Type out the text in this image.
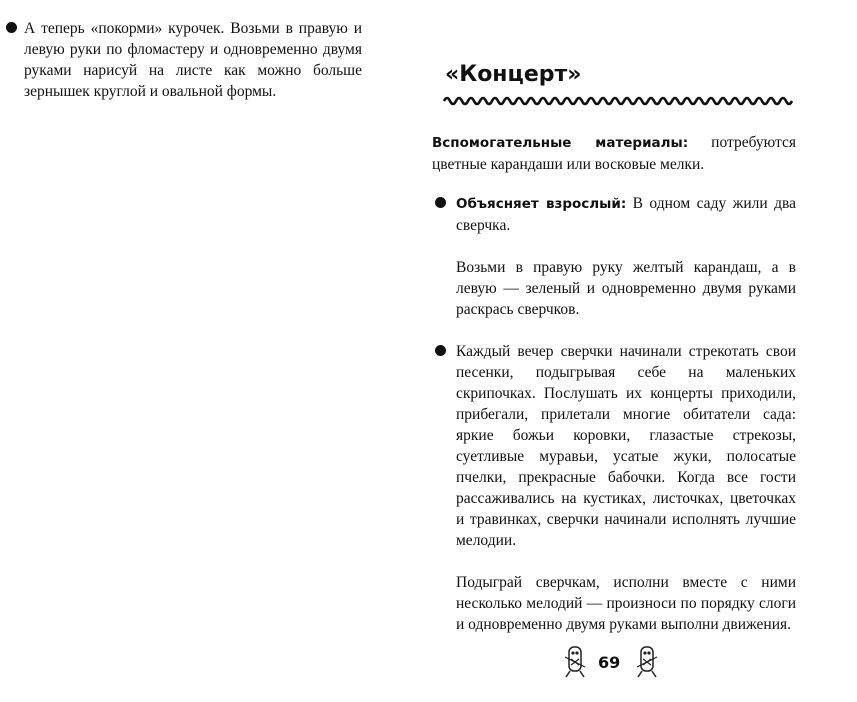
А теперь «покорми» курочек. Возьми в правую и левую руки по фломастеру и одновременно двумя руками нарисуй на листе как можно больше зернышек круглой и овальной формы.

«Концерт»

Вспомогательные материалы: потребуются цветные карандаши или восковые мелки.

Объясняет взрослый: В одном саду жили два сверчка.

Возьми в правую руку желтый карандаш, а в левую — зеленый и одновременно двумя руками раскрась сверчков.

Каждый вечер сверчки начинали стрекотать свои песенки, подыгрывая себе на маленьких скрипочках. Послушать их концерты приходили, прибегали, прилетали многие обитатели сада: яркие божьи коровки, глазастые стрекозы, суетливые муравьи, усатые жуки, полосатые пчелки, прекрасные бабочки. Когда все гости рассаживались на кустиках, листочках, цветочках и травинках, сверчки начинали исполнять лучшие мелодии.

Подыграй сверчкам, исполни вместе с ними несколько мелодий — произноси по порядку слоги и одновременно двумя руками выполни движения.

69
